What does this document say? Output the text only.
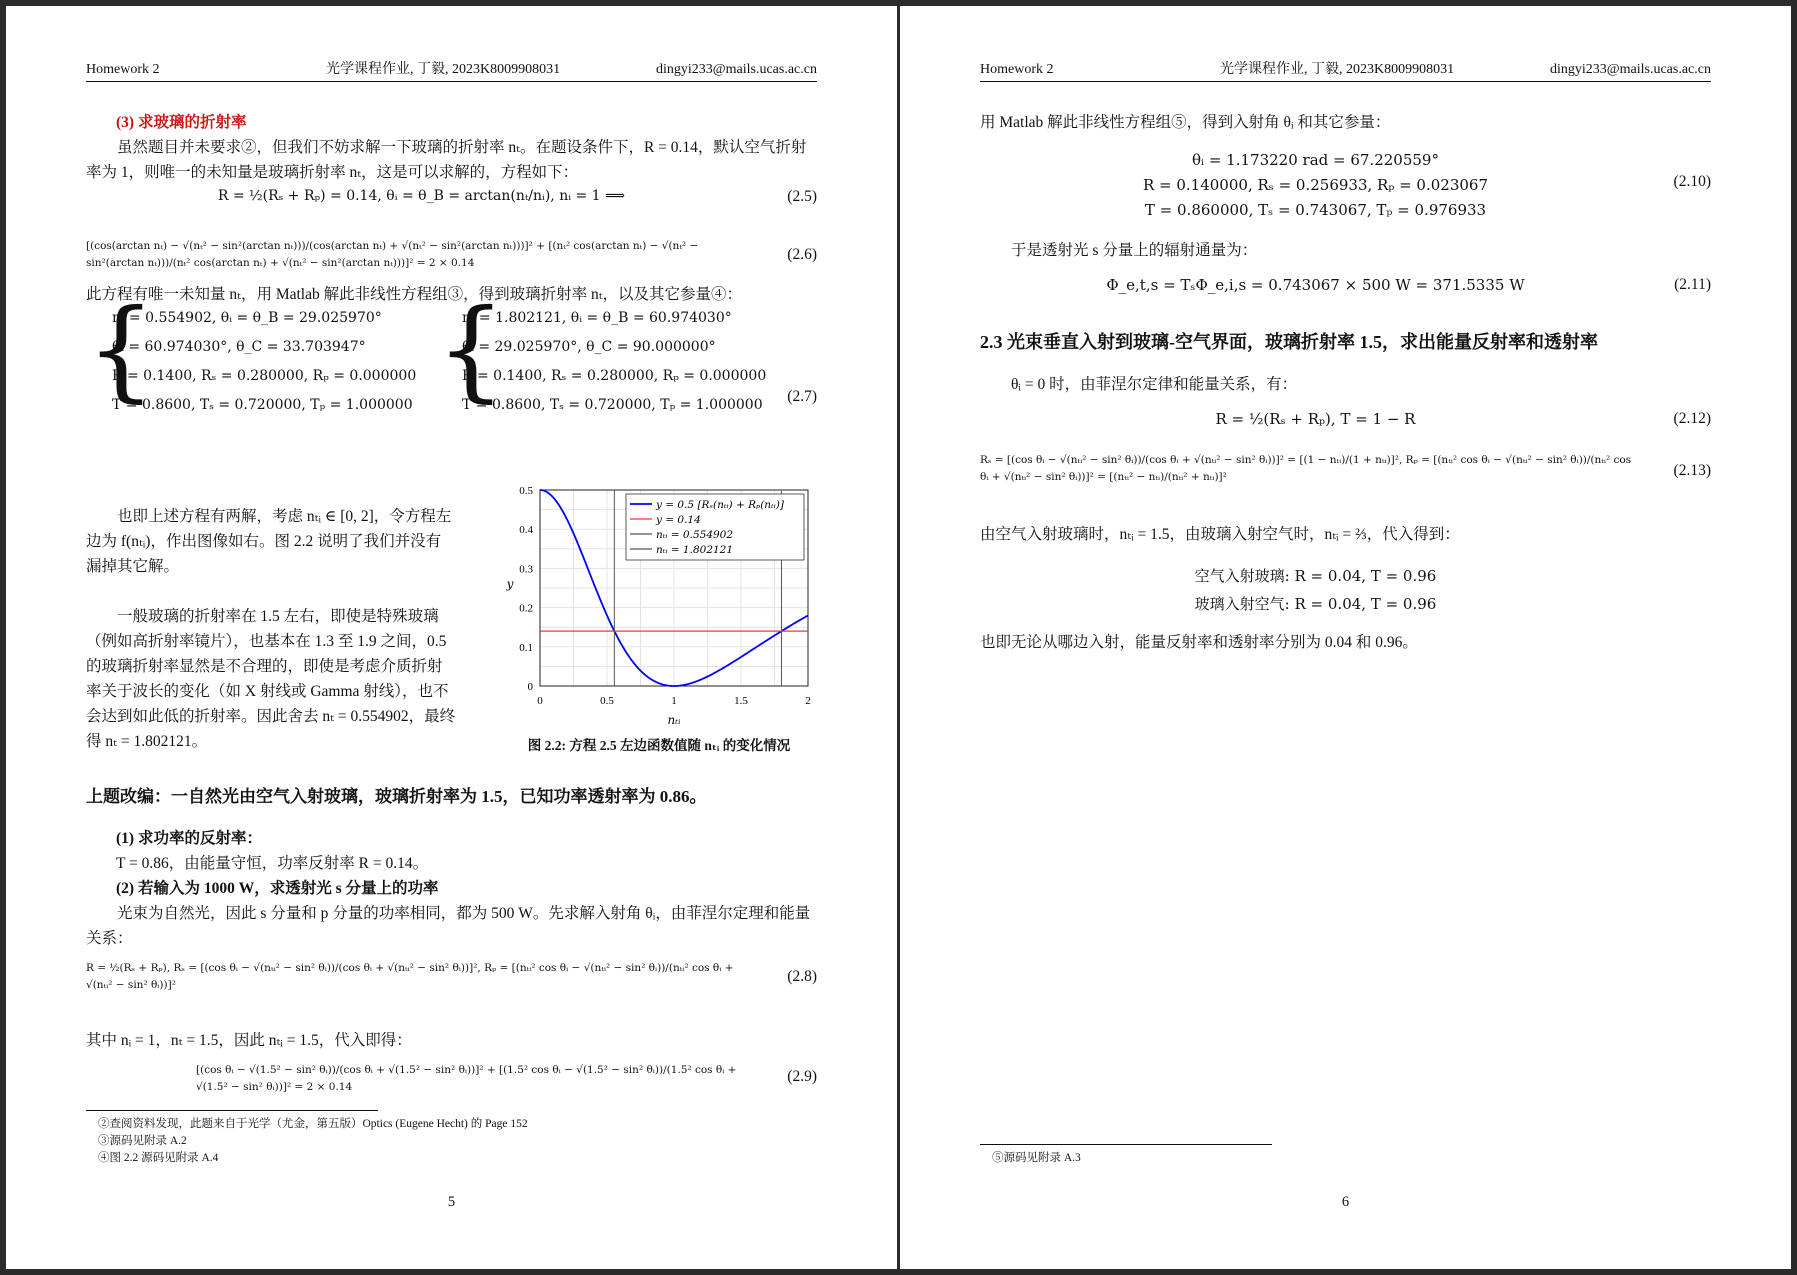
Homework 2	光学课程作业, 丁毅, 2023K8009908031	dingyi233@mails.ucas.ac.cn
(3) 求玻璃的折射率
虽然题目并未要求②，但我们不妨求解一下玻璃的折射率 nₜ。在题设条件下，R = 0.14，默认空气折射率为 1，则唯一的未知量是玻璃折射率 nₜ，这是可以求解的，方程如下：
R = ½(Rₛ + Rₚ) = 0.14, θᵢ = θ_B = arctan(nₜ/nᵢ), nᵢ = 1 ⟹	(2.5)
[(cos(arctan nₜ) − √(nₜ² − sin²(arctan nₜ)))/(cos(arctan nₜ) + √(nₜ² − sin²(arctan nₜ)))]² + [(nₜ² cos(arctan nₜ) − √(nₜ² − sin²(arctan nₜ)))/(nₜ² cos(arctan nₜ) + √(nₜ² − sin²(arctan nₜ)))]² = 2 × 0.14	(2.6)
此方程有唯一未知量 nₜ，用 Matlab 解此非线性方程组③，得到玻璃折射率 nₜ，以及其它参量④：
{
nₜ = 0.554902, θᵢ = θ_B = 29.025970°
θₜ = 60.974030°, θ_C = 33.703947°
R = 0.1400, Rₛ = 0.280000, Rₚ = 0.000000
T = 0.8600, Tₛ = 0.720000, Tₚ = 1.000000 {
nₜ = 1.802121, θᵢ = θ_B = 60.974030°
θₜ = 29.025970°, θ_C = 90.000000°
R = 0.1400, Rₛ = 0.280000, Rₚ = 0.000000
T = 0.8600, Tₛ = 0.720000, Tₚ = 1.000000 (2.7)
也即上述方程有两解，考虑 nₜᵢ ∈ [0, 2]，令方程左边为 f(nₜᵢ)，作出图像如右。图 2.2 说明了我们并没有漏掉其它解。
一般玻璃的折射率在 1.5 左右，即使是特殊玻璃（例如高折射率镜片），也基本在 1.3 至 1.9 之间，0.5 的玻璃折射率显然是不合理的，即使是考虑介质折射率关于波长的变化（如 X 射线或 Gamma 射线），也不会达到如此低的折射率。因此舍去 nₜ = 0.554902，最终得 nₜ = 1.802121。
0	0.5	1	1.5	2
0
0.1
0.2
0.3
0.4
0.5
nₜᵢ
y
y = 0.5 [Rₛ(nₜᵢ) + Rₚ(nₜᵢ)]
y = 0.14
nₜᵢ = 0.554902
nₜᵢ = 1.802121
图 2.2: 方程 2.5 左边函数值随 nₜᵢ 的变化情况
上题改编：一自然光由空气入射玻璃，玻璃折射率为 1.5，已知功率透射率为 0.86。
(1) 求功率的反射率：
T = 0.86，由能量守恒，功率反射率 R = 0.14。
(2) 若输入为 1000 W，求透射光 s 分量上的功率
光束为自然光，因此 s 分量和 p 分量的功率相同，都为 500 W。先求解入射角 θᵢ，由菲涅尔定理和能量关系：
R = ½(Rₛ + Rₚ), Rₛ = [(cos θᵢ − √(nₜᵢ² − sin² θᵢ))/(cos θᵢ + √(nₜᵢ² − sin² θᵢ))]², Rₚ = [(nₜᵢ² cos θᵢ − √(nₜᵢ² − sin² θᵢ))/(nₜᵢ² cos θᵢ + √(nₜᵢ² − sin² θᵢ))]²	(2.8)
其中 nᵢ = 1，nₜ = 1.5，因此 nₜᵢ = 1.5，代入即得：
[(cos θᵢ − √(1.5² − sin² θᵢ))/(cos θᵢ + √(1.5² − sin² θᵢ))]² + [(1.5² cos θᵢ − √(1.5² − sin² θᵢ))/(1.5² cos θᵢ + √(1.5² − sin² θᵢ))]² = 2 × 0.14
(2.9)
②查阅资料发现，此题来自于光学（尤金，第五版）Optics (Eugene Hecht) 的 Page 152
③源码见附录 A.2
④图 2.2 源码见附录 A.4
5
Homework 2	光学课程作业, 丁毅, 2023K8009908031	dingyi233@mails.ucas.ac.cn
用 Matlab 解此非线性方程组⑤，得到入射角 θᵢ 和其它参量：
θᵢ = 1.173220 rad = 67.220559°
R = 0.140000, Rₛ = 0.256933, Rₚ = 0.023067
T = 0.860000, Tₛ = 0.743067, Tₚ = 0.976933
(2.10)
于是透射光 s 分量上的辐射通量为：
Φ_e,t,s = TₛΦ_e,i,s = 0.743067 × 500 W = 371.5335 W	(2.11)
2.3 光束垂直入射到玻璃-空气界面，玻璃折射率 1.5，求出能量反射率和透射率
θᵢ = 0 时，由菲涅尔定律和能量关系，有：
R = ½(Rₛ + Rₚ), T = 1 − R	(2.12)
Rₛ = [(cos θᵢ − √(nₜᵢ² − sin² θᵢ))/(cos θᵢ + √(nₜᵢ² − sin² θᵢ))]² = [(1 − nₜᵢ)/(1 + nₜᵢ)]², Rₚ = [(nₜᵢ² cos θᵢ − √(nₜᵢ² − sin² θᵢ))/(nₜᵢ² cos θᵢ + √(nₜᵢ² − sin² θᵢ))]² = [(nₜᵢ² − nₜᵢ)/(nₜᵢ² + nₜᵢ)]²	(2.13)
由空气入射玻璃时，nₜᵢ = 1.5，由玻璃入射空气时，nₜᵢ = ⅔，代入得到：
空气入射玻璃: R = 0.04, T = 0.96
玻璃入射空气: R = 0.04, T = 0.96
也即无论从哪边入射，能量反射率和透射率分别为 0.04 和 0.96。
⑤源码见附录 A.3
6
